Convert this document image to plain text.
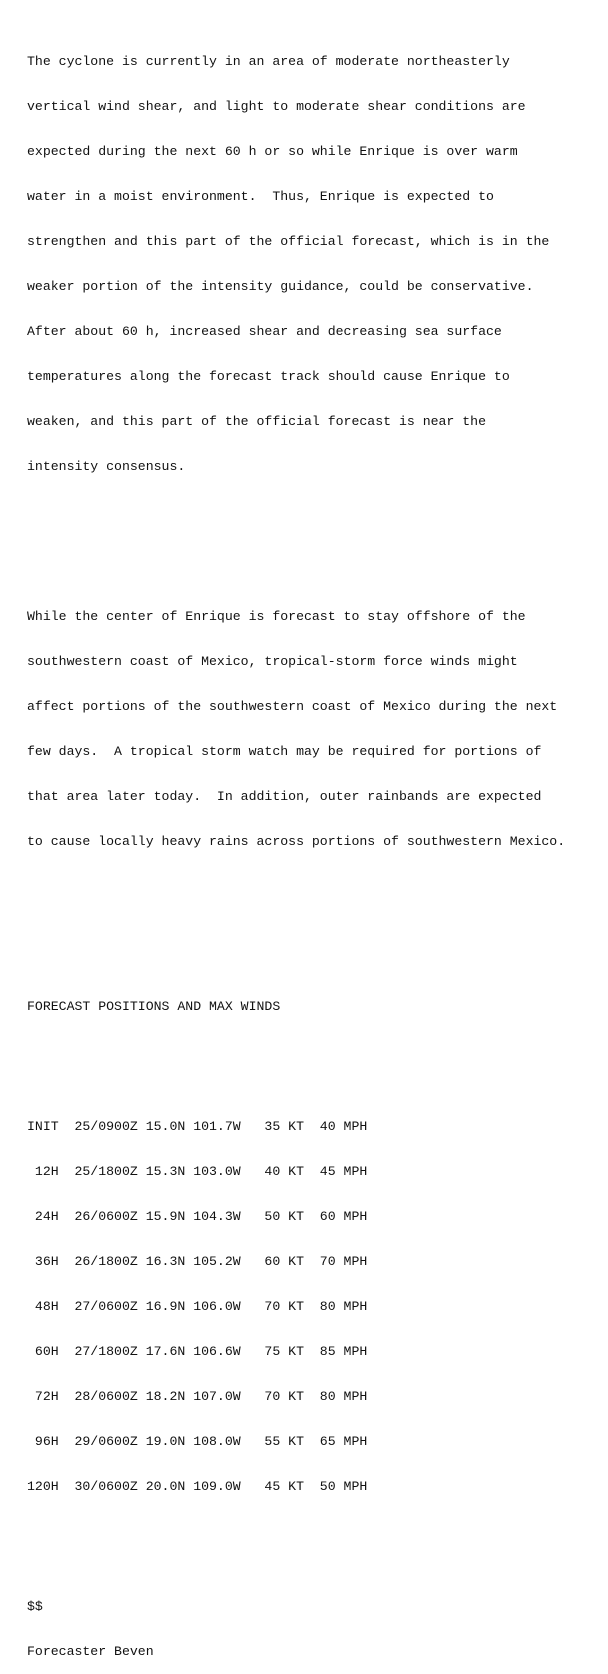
The cyclone is currently in an area of moderate northeasterly

vertical wind shear, and light to moderate shear conditions are

expected during the next 60 h or so while Enrique is over warm

water in a moist environment.  Thus, Enrique is expected to

strengthen and this part of the official forecast, which is in the

weaker portion of the intensity guidance, could be conservative.

After about 60 h, increased shear and decreasing sea surface

temperatures along the forecast track should cause Enrique to

weaken, and this part of the official forecast is near the

intensity consensus.

While the center of Enrique is forecast to stay offshore of the

southwestern coast of Mexico, tropical-storm force winds might

affect portions of the southwestern coast of Mexico during the next

few days.  A tropical storm watch may be required for portions of

that area later today.  In addition, outer rainbands are expected

to cause locally heavy rains across portions of southwestern Mexico.

FORECAST POSITIONS AND MAX WINDS

INIT  25/0900Z 15.0N 101.7W   35 KT  40 MPH

12H  25/1800Z 15.3N 103.0W   40 KT  45 MPH

24H  26/0600Z 15.9N 104.3W   50 KT  60 MPH

36H  26/1800Z 16.3N 105.2W   60 KT  70 MPH

48H  27/0600Z 16.9N 106.0W   70 KT  80 MPH

60H  27/1800Z 17.6N 106.6W   75 KT  85 MPH

72H  28/0600Z 18.2N 107.0W   70 KT  80 MPH

96H  29/0600Z 19.0N 108.0W   55 KT  65 MPH

120H  30/0600Z 20.0N 109.0W   45 KT  50 MPH

$$

Forecaster Beven
